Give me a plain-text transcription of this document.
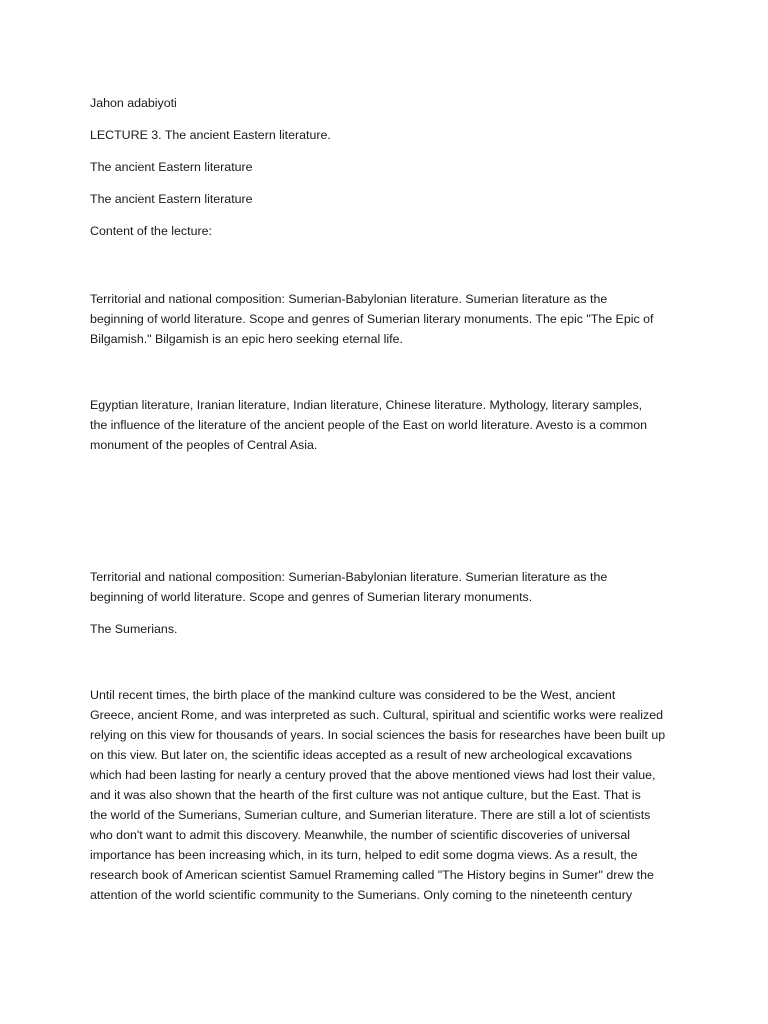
Jahon adabiyoti

LECTURE 3. The ancient Eastern literature.

The ancient Eastern literature

The ancient Eastern literature

Content of the lecture:

Territorial and national composition: Sumerian-Babylonian literature. Sumerian literature as the
beginning of world literature. Scope and genres of Sumerian literary monuments. The epic "The Epic of
Bilgamish." Bilgamish is an epic hero seeking eternal life.
Egyptian literature, Iranian literature, Indian literature, Chinese literature. Mythology, literary samples,
the influence of the literature of the ancient people of the East on world literature. Avesto is a common
monument of the peoples of Central Asia.
Territorial and national composition: Sumerian-Babylonian literature. Sumerian literature as the
beginning of world literature. Scope and genres of Sumerian literary monuments.

The Sumerians.

Until recent times, the birth place of the mankind culture was considered to be the West, ancient
Greece, ancient Rome, and was interpreted as such. Cultural, spiritual and scientific works were realized
relying on this view for thousands of years. In social sciences the basis for researches have been built up
on this view. But later on, the scientific ideas accepted as a result of new archeological excavations
which had been lasting for nearly a century proved that the above mentioned views had lost their value,
and it was also shown that the hearth of the first culture was not antique culture, but the East. That is
the world of the Sumerians, Sumerian culture, and Sumerian literature. There are still a lot of scientists
who don't want to admit this discovery. Meanwhile, the number of scientific discoveries of universal
importance has been increasing which, in its turn, helped to edit some dogma views. As a result, the
research book of American scientist Samuel Rrameming called "The History begins in Sumer" drew the
attention of the world scientific community to the Sumerians. Only coming to the nineteenth century
